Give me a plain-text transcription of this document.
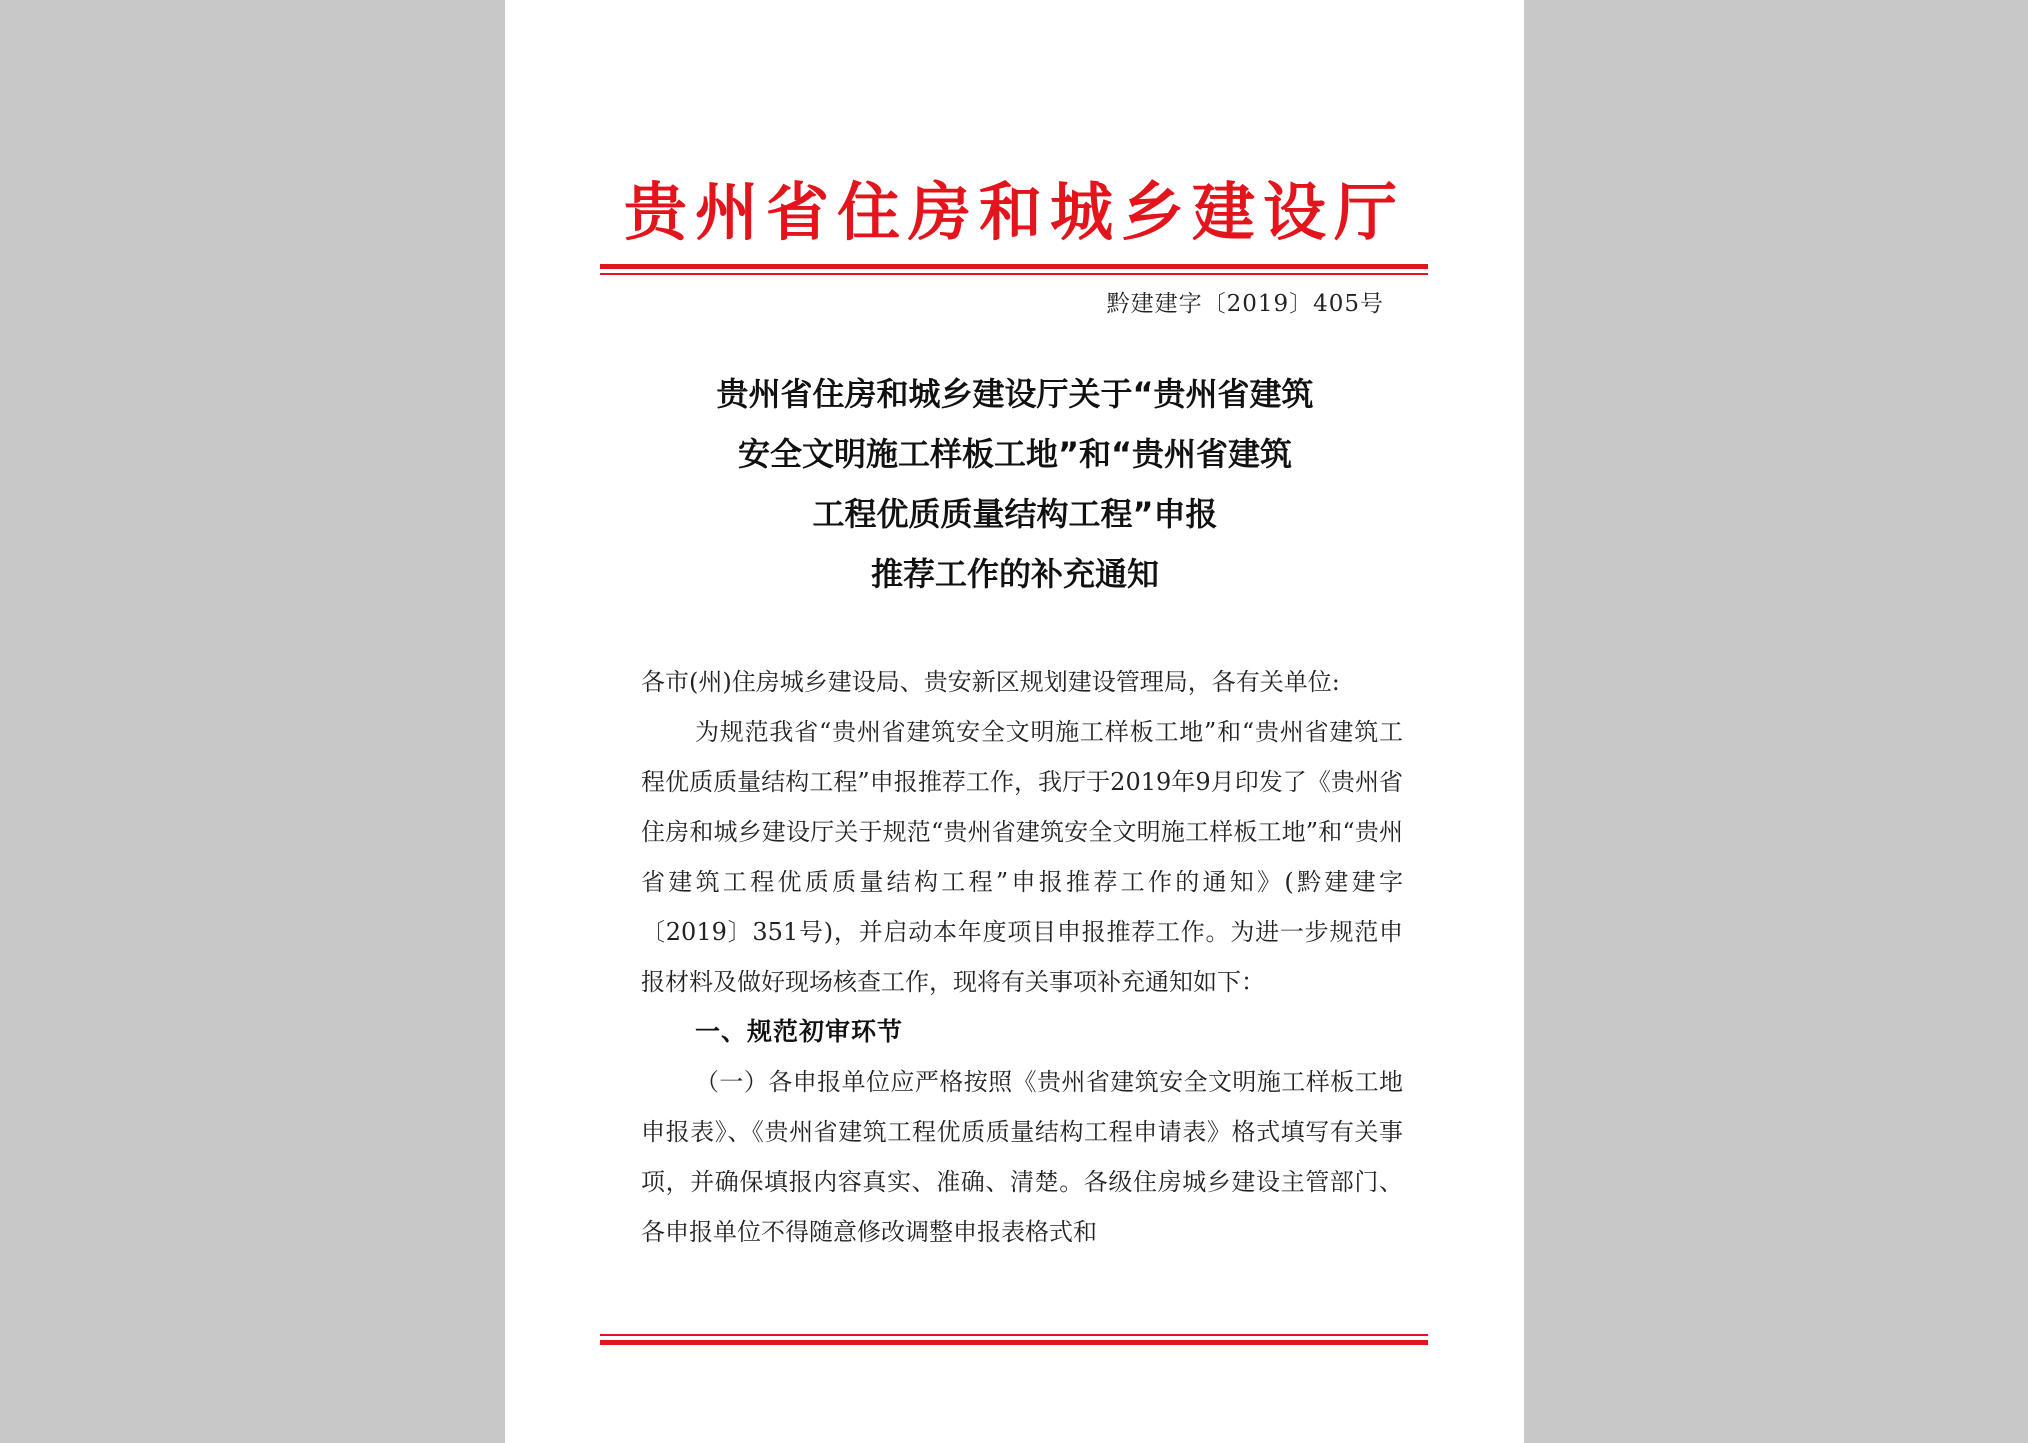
贵州省住房和城乡建设厅
黔建建字〔2019〕405号
贵州省住房和城乡建设厅关于“贵州省建筑
安全文明施工样板工地”和“贵州省建筑
工程优质质量结构工程”申报
推荐工作的补充通知

各市(州)住房城乡建设局、贵安新区规划建设管理局，各有关单位:

为规范我省“贵州省建筑安全文明施工样板工地”和“贵州省建筑工程优质质量结构工程”申报推荐工作，我厅于2019年9月印发了《贵州省住房和城乡建设厅关于规范“贵州省建筑安全文明施工样板工地”和“贵州省建筑工程优质质量结构工程”申报推荐工作的通知》(黔建建字〔2019〕351号)，并启动本年度项目申报推荐工作。为进一步规范申报材料及做好现场核查工作，现将有关事项补充通知如下：

一、规范初审环节

（一）各申报单位应严格按照《贵州省建筑安全文明施工样板工地申报表》、《贵州省建筑工程优质质量结构工程申请表》格式填写有关事项，并确保填报内容真实、准确、清楚。各级住房城乡建设主管部门、各申报单位不得随意修改调整申报表格式和
